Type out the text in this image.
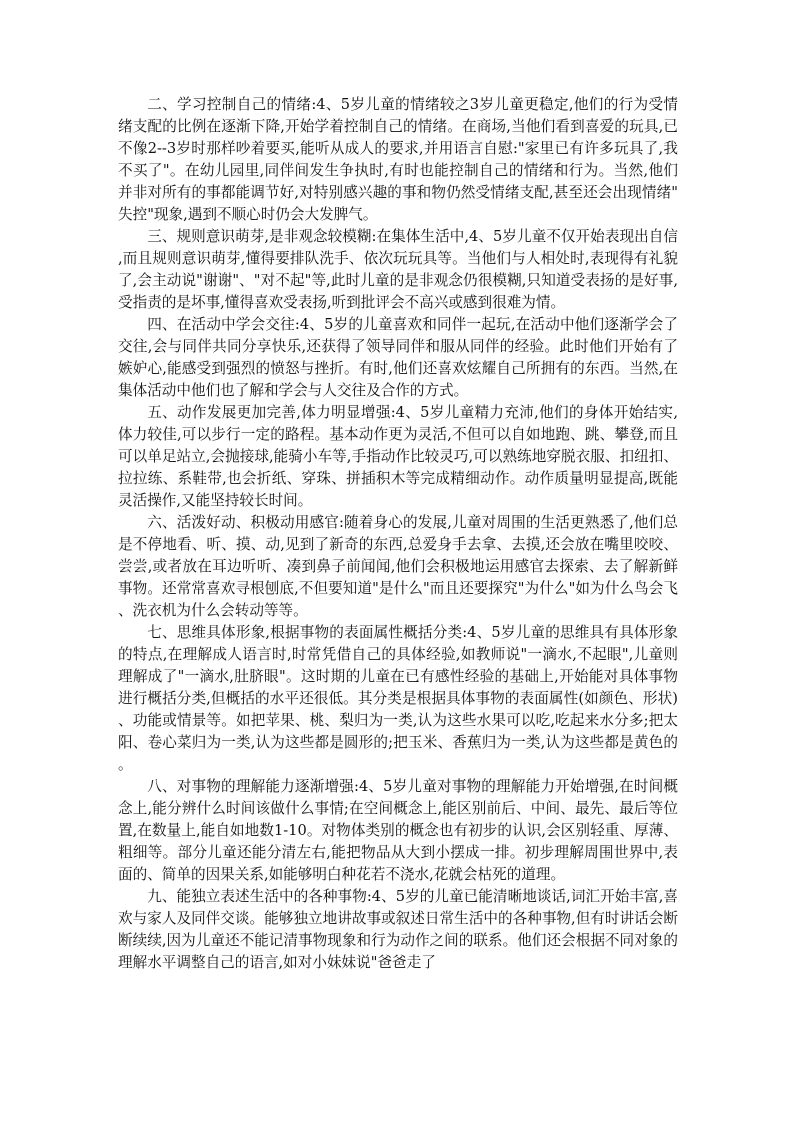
二、学习控制自己的情绪:4、5岁儿童的情绪较之3岁儿童更稳定,他们的行为受情绪支配的比例在逐渐下降,开始学着控制自己的情绪。在商场,当他们看到喜爱的玩具,已不像2--3岁时那样吵着要买,能听从成人的要求,并用语言自慰:"家里已有许多玩具了,我不买了"。在幼儿园里,同伴间发生争执时,有时也能控制自己的情绪和行为。当然,他们并非对所有的事都能调节好,对特别感兴趣的事和物仍然受情绪支配,甚至还会出现情绪"失控"现象,遇到不顺心时仍会大发脾气。

三、规则意识萌芽,是非观念较模糊:在集体生活中,4、5岁儿童不仅开始表现出自信,而且规则意识萌芽,懂得要排队洗手、依次玩玩具等。当他们与人相处时,表现得有礼貌了,会主动说"谢谢"、"对不起"等,此时儿童的是非观念仍很模糊,只知道受表扬的是好事,受指责的是坏事,懂得喜欢受表扬,听到批评会不高兴或感到很难为情。

四、在活动中学会交往:4、5岁的儿童喜欢和同伴一起玩,在活动中他们逐渐学会了交往,会与同伴共同分享快乐,还获得了领导同伴和服从同伴的经验。此时他们开始有了嫉妒心,能感受到强烈的愤怒与挫折。有时,他们还喜欢炫耀自己所拥有的东西。当然,在集体活动中他们也了解和学会与人交往及合作的方式。

五、动作发展更加完善,体力明显增强:4、5岁儿童精力充沛,他们的身体开始结实,体力较佳,可以步行一定的路程。基本动作更为灵活,不但可以自如地跑、跳、攀登,而且可以单足站立,会抛接球,能骑小车等,手指动作比较灵巧,可以熟练地穿脱衣服、扣纽扣、拉拉练、系鞋带,也会折纸、穿珠、拼插积木等完成精细动作。动作质量明显提高,既能灵活操作,又能坚持较长时间。

六、活泼好动、积极动用感官:随着身心的发展,儿童对周围的生活更熟悉了,他们总是不停地看、听、摸、动,见到了新奇的东西,总爱身手去拿、去摸,还会放在嘴里咬咬、尝尝,或者放在耳边听听、凑到鼻子前闻闻,他们会积极地运用感官去探索、去了解新鲜事物。还常常喜欢寻根刨底,不但要知道"是什么"而且还要探究"为什么"如为什么鸟会飞、洗衣机为什么会转动等等。

七、思维具体形象,根据事物的表面属性概括分类:4、5岁儿童的思维具有具体形象的特点,在理解成人语言时,时常凭借自己的具体经验,如教师说"一滴水,不起眼",儿童则理解成了"一滴水,肚脐眼"。这时期的儿童在已有感性经验的基础上,开始能对具体事物进行概括分类,但概括的水平还很低。其分类是根据具体事物的表面属性(如颜色、形状)、功能或情景等。如把苹果、桃、梨归为一类,认为这些水果可以吃,吃起来水分多;把太阳、卷心菜归为一类,认为这些都是圆形的;把玉米、香蕉归为一类,认为这些都是黄色的。

八、对事物的理解能力逐渐增强:4、5岁儿童对事物的理解能力开始增强,在时间概念上,能分辨什么时间该做什么事情;在空间概念上,能区别前后、中间、最先、最后等位置,在数量上,能自如地数1-10。对物体类别的概念也有初步的认识,会区别轻重、厚薄、粗细等。部分儿童还能分清左右,能把物品从大到小摆成一排。初步理解周围世界中,表面的、简单的因果关系,如能够明白种花若不浇水,花就会枯死的道理。

九、能独立表述生活中的各种事物:4、5岁的儿童已能清晰地谈话,词汇开始丰富,喜欢与家人及同伴交谈。能够独立地讲故事或叙述日常生活中的各种事物,但有时讲话会断断续续,因为儿童还不能记清事物现象和行为动作之间的联系。他们还会根据不同对象的理解水平调整自己的语言,如对小妹妹说"爸爸走了
